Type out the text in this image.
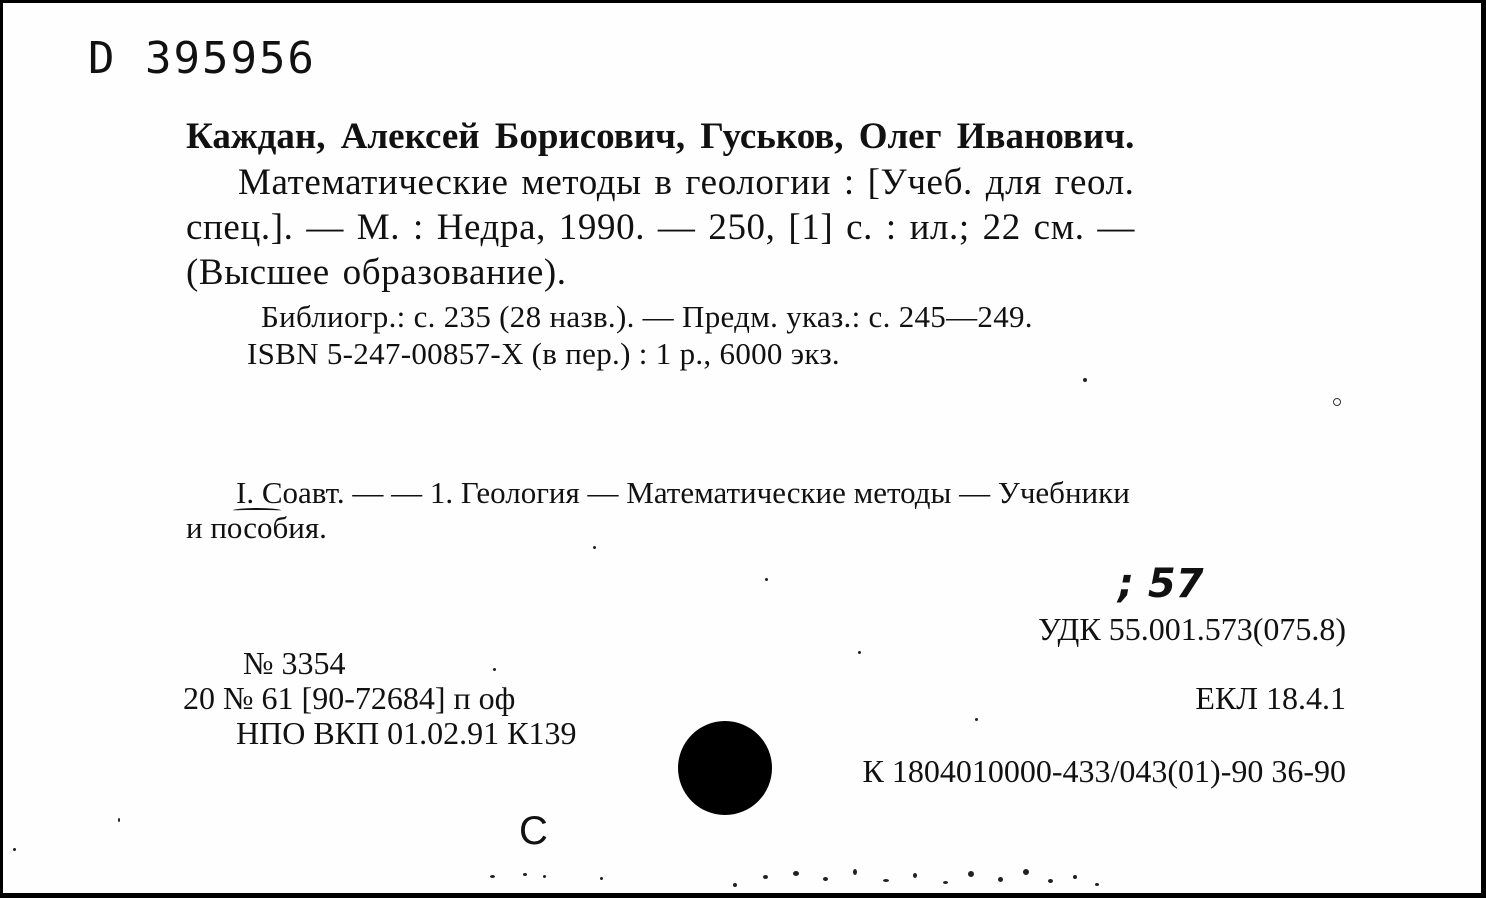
D 395956
Каждан, Алексей Борисович, Гуськов, Олег Иванович.
Математические методы в геологии : [Учеб. для геол.
спец.]. — М. : Недра, 1990. — 250, [1] с. : ил.; 22 см. —
(Высшее образование).
Библиогр.: с. 235 (28 назв.). — Предм. указ.: с. 245—249.
ISBN 5-247-00857-X (в пер.) : 1 р., 6000 экз.
I. Соавт. — — 1. Геология — Математические методы — Учебники
и пособия.
; 57
УДК 55.001.573(075.8)
ЕКЛ 18.4.1
К 1804010000-433/043(01)-90 36-90
№ 3354
20 № 61 [90-72684] п оф
НПО ВКП 01.02.91 К139
С
